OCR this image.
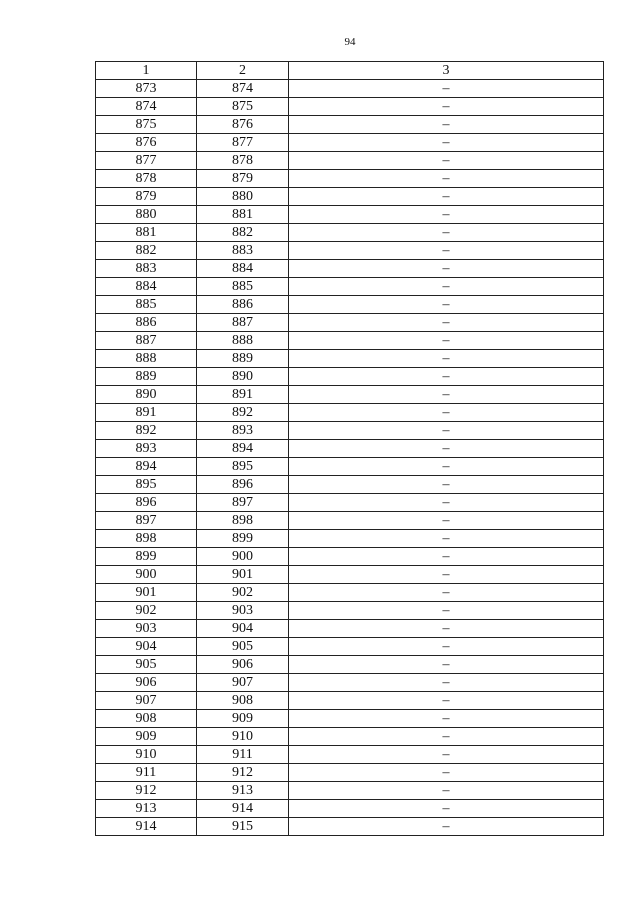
94
1	2	3
873	874	–
874	875	–
875	876	–
876	877	–
877	878	–
878	879	–
879	880	–
880	881	–
881	882	–
882	883	–
883	884	–
884	885	–
885	886	–
886	887	–
887	888	–
888	889	–
889	890	–
890	891	–
891	892	–
892	893	–
893	894	–
894	895	–
895	896	–
896	897	–
897	898	–
898	899	–
899	900	–
900	901	–
901	902	–
902	903	–
903	904	–
904	905	–
905	906	–
906	907	–
907	908	–
908	909	–
909	910	–
910	911	–
911	912	–
912	913	–
913	914	–
914	915	–
